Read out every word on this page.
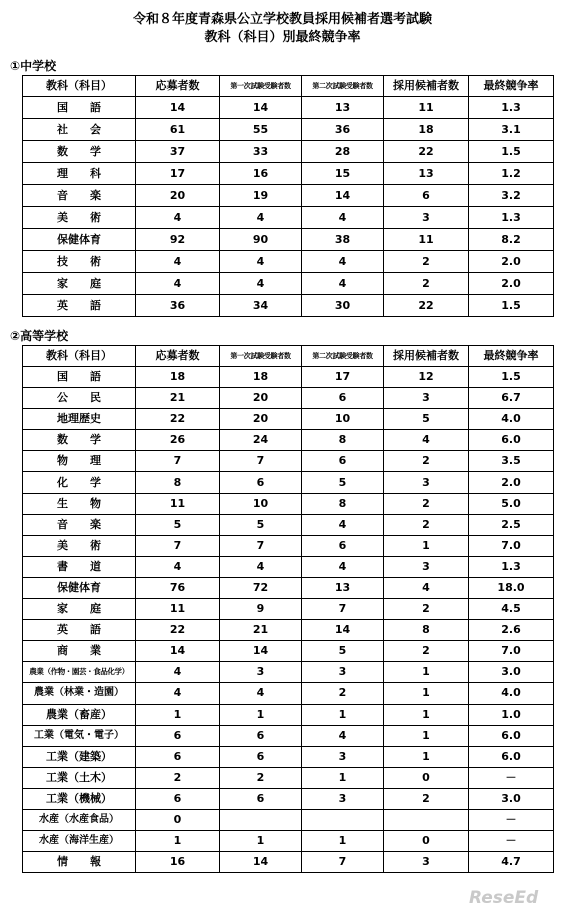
令和８年度青森県公立学校教員採用候補者選考試験
教科（科目）別最終競争率
①中学校
教科（科目）	応募者数	第一次試験受験者数	第二次試験受験者数	採用候補者数	最終競争率
国　　語	14	14	13	11	1.3
社　　会	61	55	36	18	3.1
数　　学	37	33	28	22	1.5
理　　科	17	16	15	13	1.2
音　　楽	20	19	14	6	3.2
美　　術	4	4	4	3	1.3
保健体育	92	90	38	11	8.2
技　　術	4	4	4	2	2.0
家　　庭	4	4	4	2	2.0
英　　語	36	34	30	22	1.5
②高等学校
教科（科目）	応募者数	第一次試験受験者数	第二次試験受験者数	採用候補者数	最終競争率
国　　語	18	18	17	12	1.5
公　　民	21	20	6	3	6.7
地理歴史	22	20	10	5	4.0
数　　学	26	24	8	4	6.0
物　　理	7	7	6	2	3.5
化　　学	8	6	5	3	2.0
生　　物	11	10	8	2	5.0
音　　楽	5	5	4	2	2.5
美　　術	7	7	6	1	7.0
書　　道	4	4	4	3	1.3
保健体育	76	72	13	4	18.0
家　　庭	11	9	7	2	4.5
英　　語	22	21	14	8	2.6
商　　業	14	14	5	2	7.0
農業（作物・園芸・食品化学）	4	3	3	1	3.0
農業（林業・造園）	4	4	2	1	4.0
農業（畜産）	1	1	1	1	1.0
工業（電気・電子）	6	6	4	1	6.0
工業（建築）	6	6	3	1	6.0
工業（土木）	2	2	1	0	－
工業（機械）	6	6	3	2	3.0
水産（水産食品）	0				－
水産（海洋生産）	1	1	1	0	－
情　　報	16	14	7	3	4.7
ReseEd
